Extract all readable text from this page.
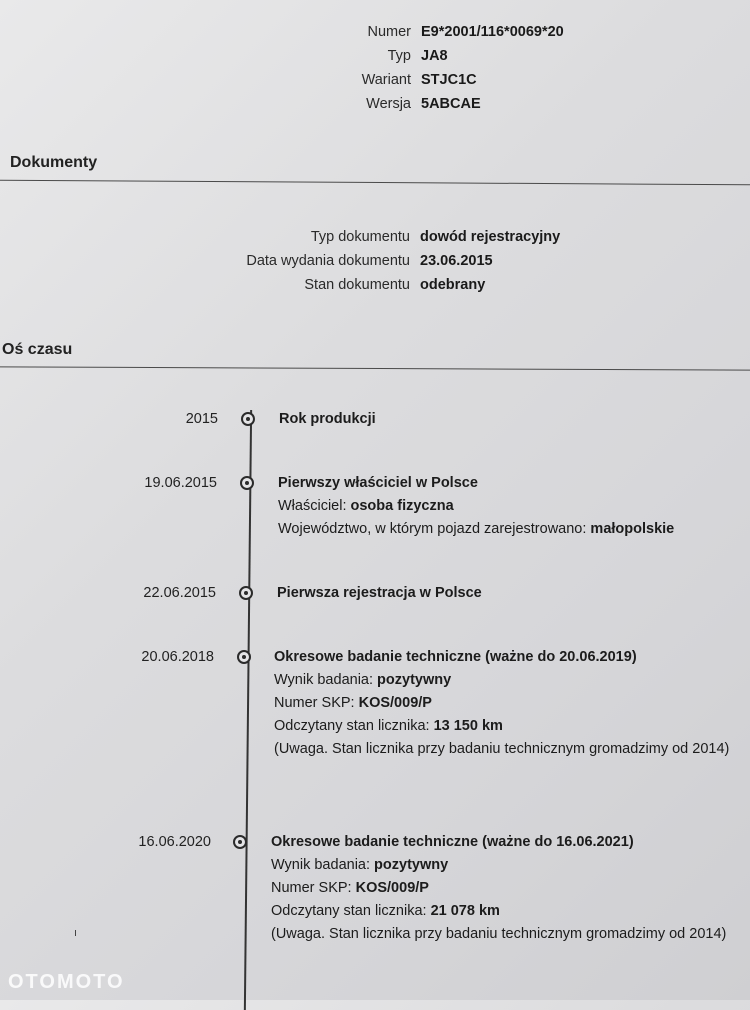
Numer E9*2001/116*0069*20
Typ JA8
Wariant STJC1C
Wersja 5ABCAE
Dokumenty
Typ dokumentu dowód rejestracyjny
Data wydania dokumentu 23.06.2015
Stan dokumentu odebrany
Oś czasu
2015	Rok produkcji
19.06.2015	Pierwszy właściciel w Polsce
Właściciel: osoba fizyczna
Województwo, w którym pojazd zarejestrowano: małopolskie
22.06.2015	Pierwsza rejestracja w Polsce
20.06.2018	Okresowe badanie techniczne (ważne do 20.06.2019)
Wynik badania: pozytywny
Numer SKP: KOS/009/P
Odczytany stan licznika: 13 150 km
(Uwaga. Stan licznika przy badaniu technicznym gromadzimy od 2014)
16.06.2020	Okresowe badanie techniczne (ważne do 16.06.2021)
Wynik badania: pozytywny
Numer SKP: KOS/009/P
Odczytany stan licznika: 21 078 km
(Uwaga. Stan licznika przy badaniu technicznym gromadzimy od 2014)
OTOMOTO
